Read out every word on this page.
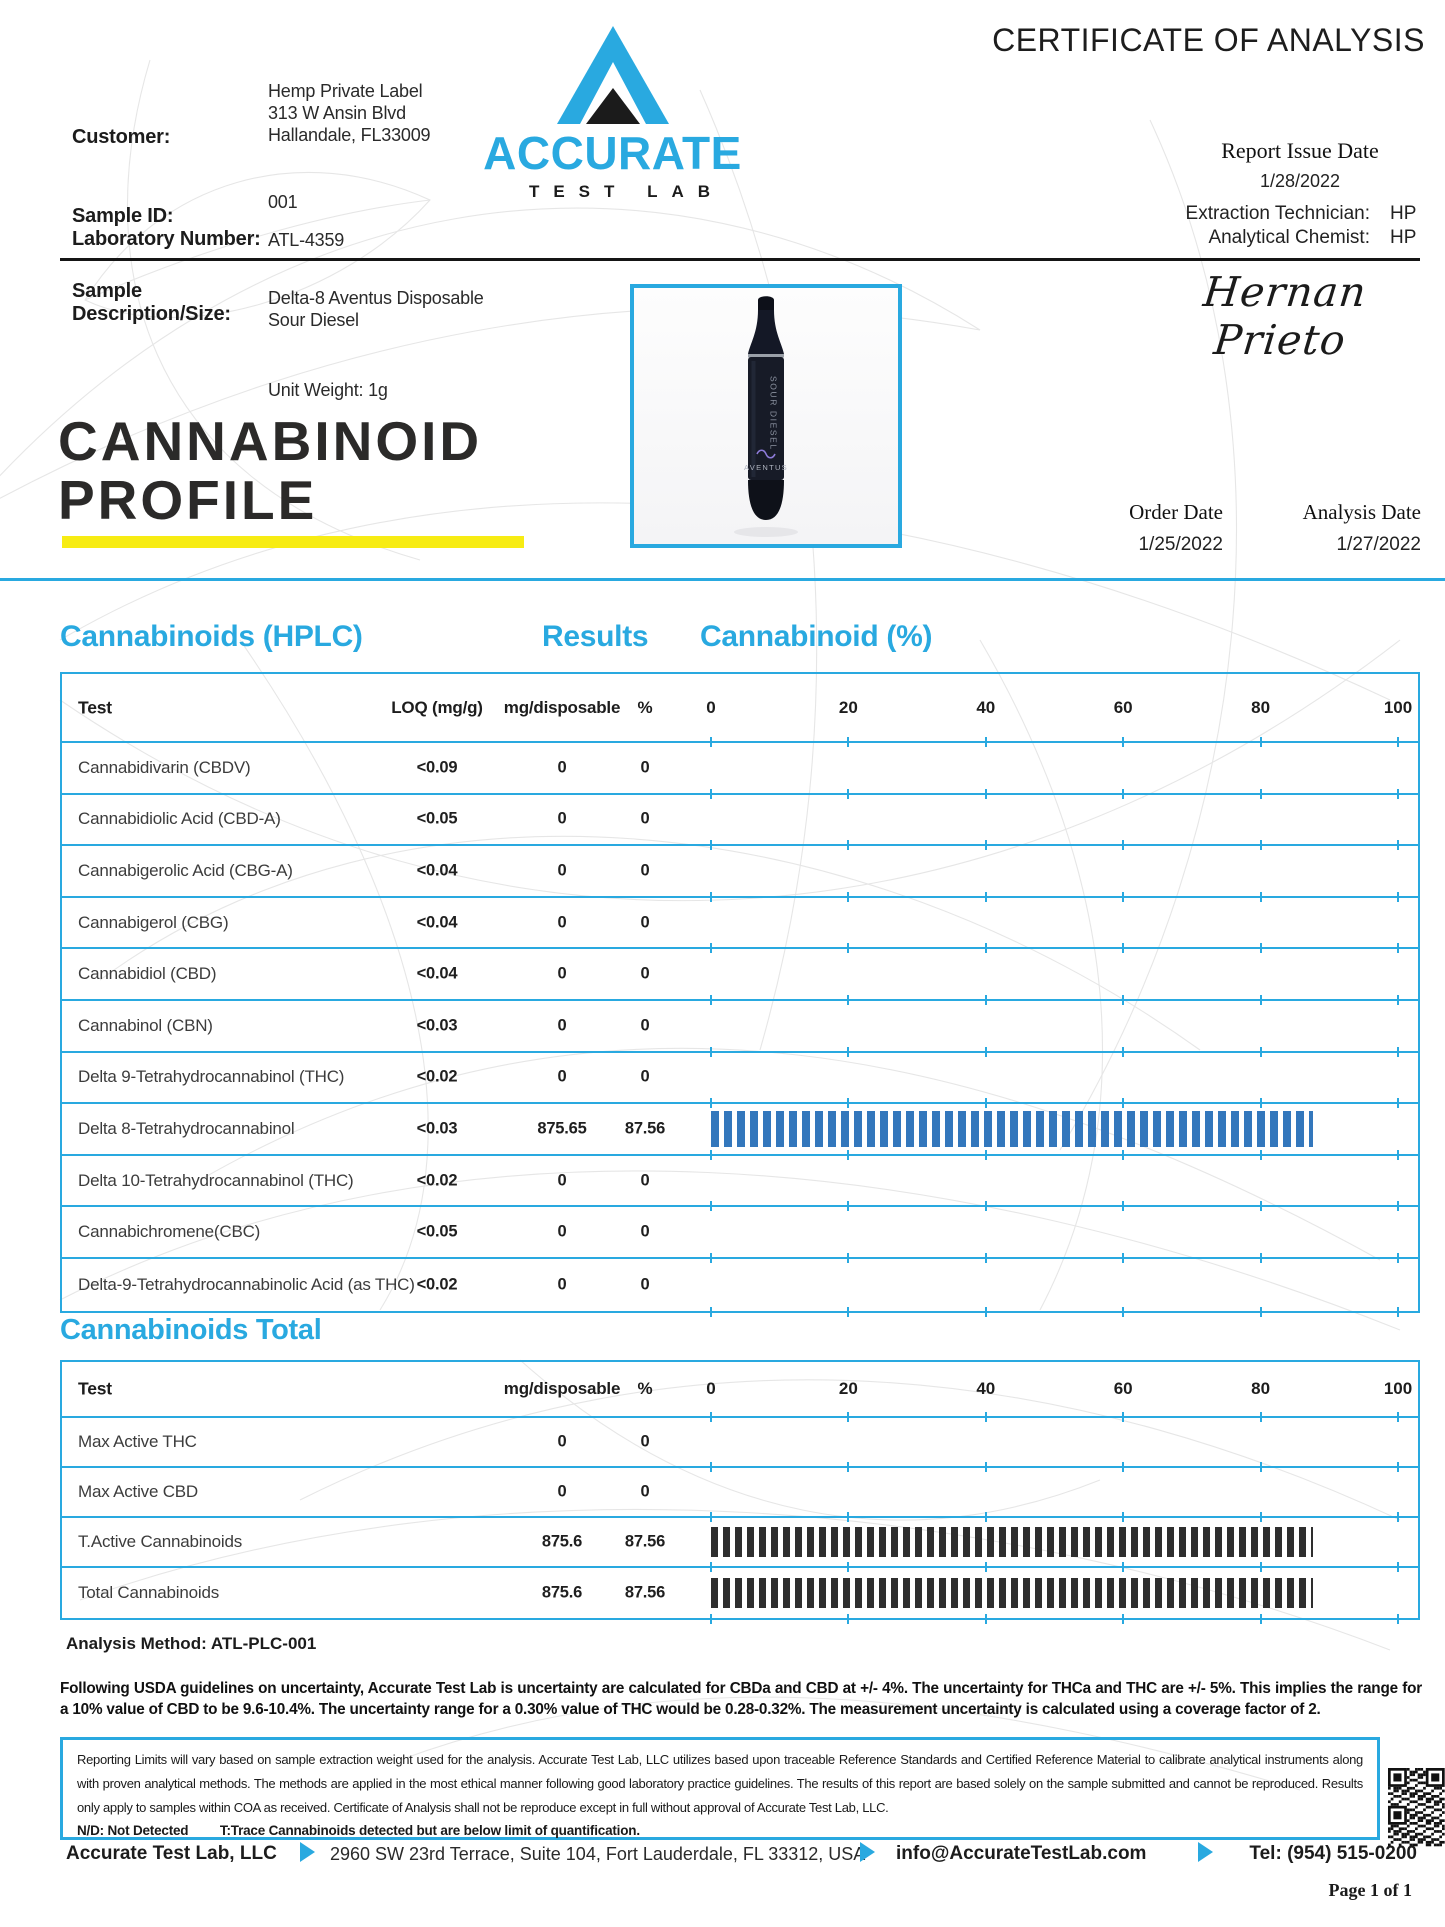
CERTIFICATE OF ANALYSIS
ACCURATE
TEST LAB
Hemp Private Label
313 W Ansin Blvd
Hallandale, FL33009
Customer:
001
Sample ID:
Laboratory Number: ATL-4359
Report Issue Date
1/28/2022
Extraction Technician: HP
Analytical Chemist: HP
Sample
Description/Size:
Delta-8 Aventus Disposable
Sour Diesel
Unit Weight: 1g
CANNABINOID
PROFILE
SOUR DIESEL
AVENTUS
Hernan Prieto
Order Date
1/25/2022
Analysis Date
1/27/2022
Cannabinoids (HPLC)	Results Cannabinoid (%)
Test	LOQ (mg/g)	mg/disposable	%	0	20	40	60	80	100
Cannabidivarin (CBDV)	<0.09	0	0
Cannabidiolic Acid (CBD-A)	<0.05	0	0
Cannabigerolic Acid (CBG-A)	<0.04	0	0
Cannabigerol (CBG)	<0.04	0	0
Cannabidiol (CBD)	<0.04	0	0
Cannabinol (CBN)	<0.03	0	0
Delta 9-Tetrahydrocannabinol (THC)	<0.02	0	0
Delta 8-Tetrahydrocannabinol	<0.03	875.65	87.56
Delta 10-Tetrahydrocannabinol (THC)	<0.02	0	0
Cannabichromene(CBC)	<0.05	0	0
Delta-9-Tetrahydrocannabinolic Acid (as THC) <0.02	0	0
Cannabinoids Total
Test	mg/disposable	%	0	20	40	60	80	100
Max Active THC	0	0
Max Active CBD	0	0
T.Active Cannabinoids	875.6	87.56
Total Cannabinoids	875.6	87.56
Analysis Method: ATL-PLC-001
Following USDA guidelines on uncertainty, Accurate Test Lab is uncertainty are calculated for CBDa and CBD at +/- 4%. The uncertainty for THCa and THC are +/- 5%. This implies the range for a 10% value of CBD to be 9.6-10.4%. The uncertainty range for a 0.30% value of THC would be 0.28-0.32%. The measurement uncertainty is calculated using a coverage factor of 2.
Reporting Limits will vary based on sample extraction weight used for the analysis. Accurate Test Lab, LLC utilizes based upon traceable Reference Standards and Certified Reference Material to calibrate analytical instruments along with proven analytical methods. The methods are applied in the most ethical manner following good laboratory practice guidelines. The results of this report are based solely on the sample submitted and cannot be reproduced. Results only apply to samples within COA as received. Certificate of Analysis shall not be reproduce except in full without approval of Accurate Test Lab, LLC.
N/D: Not Detected T:Trace Cannabinoids detected but are below limit of quantification.
Accurate Test Lab, LLC	2960 SW 23rd Terrace, Suite 104, Fort Lauderdale, FL 33312, USA info@AccurateTestLab.com	Tel: (954) 515-0200
Page 1 of 1
